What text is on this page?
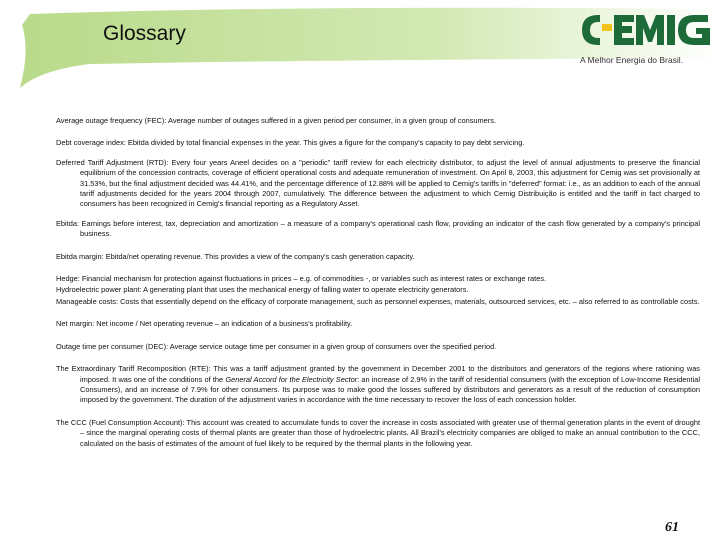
Glossary
A Melhor Energia do Brasil.

Average outage frequency (FEC): Average number of outages suffered in a given period per consumer, in a given group of consumers.

Debt coverage index: Ebitda divided by total financial expenses in the year. This gives a figure for the company's capacity to pay debt servicing.

Deferred Tariff Adjustment (RTD): Every four years Aneel decides on a "periodic" tariff review for each electricity distributor, to adjust the level of annual adjustments to preserve the financial equilibrium of the concession contracts, coverage of efficient operational costs and adequate remuneration of investment. On April 8, 2003, this adjustment for Cemig was set provisionally at 31.53%, but the final adjustment decided was 44.41%, and the percentage difference of 12.88% will be applied to Cemig's tariffs in "deferred" format: i.e., as an addition to each of the annual tariff adjustments decided for the years 2004 through 2007, cumulatively. The difference between the adjustment to which Cemig Distribuição is entitled and the tariff in fact charged to consumers has been recognized in Cemig's financial reporting as a Regulatory Asset.

Ebitda: Earnings before interest, tax, depreciation and amortization – a measure of a company's operational cash flow, providing an indicator of the cash flow generated by a company's principal business.

Ebitda margin: Ebitda/net operating revenue. This provides a view of the company's cash generation capacity.

Hedge: Financial mechanism for protection against fluctuations in prices – e.g. of commodities -, or variables such as interest rates or exchange rates.

Hydroelectric power plant: A generating plant that uses the mechanical energy of falling water to operate electricity generators.

Manageable costs: Costs that essentially depend on the efficacy of corporate management, such as personnel expenses, materials, outsourced services, etc. – also referred to as controllable costs.

Net margin: Net income / Net operating revenue – an indication of a business's profitability.

Outage time per consumer (DEC): Average service outage time per consumer in a given group of consumers over the specified period.

The Extraordinary Tariff Recomposition (RTE): This was a tariff adjustment granted by the government in December 2001 to the distributors and generators of the regions where rationing was imposed. It was one of the conditions of the General Accord for the Electricity Sector: an increase of 2.9% in the tariff of residential consumers (with the exception of Low-Income Residential Consumers), and an increase of 7.9% for other consumers. Its purpose was to make good the losses suffered by distributors and generators as a result of the reduction of consumption imposed by the government. The duration of the adjustment varies in accordance with the time necessary to recover the loss of each concession holder.

The CCC (Fuel Consumption Account): This account was created to accumulate funds to cover the increase in costs associated with greater use of thermal generation plants in the event of drought – since the marginal operating costs of thermal plants are greater than those of hydroelectric plants. All Brazil's electricity companies are obliged to make an annual contribution to the CCC, calculated on the basis of estimates of the amount of fuel likely to be required by the thermal plants in the following year.

61
